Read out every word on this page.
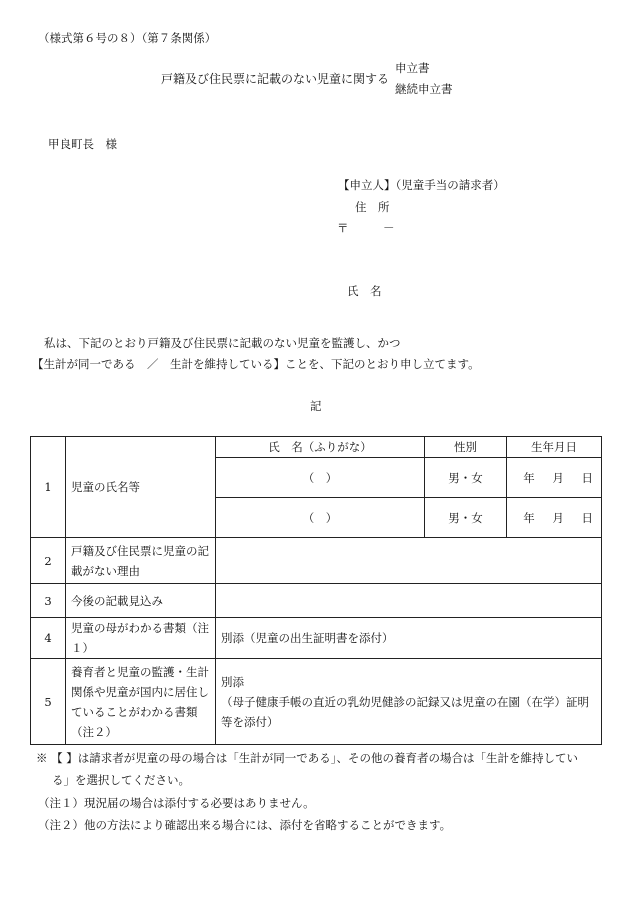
（様式第６号の８）（第７条関係）
戸籍及び住民票に記載のない児童に関する
申立書
継続申立書
甲良町長　様
【申立人】（児童手当の請求者）
住　所
〒	－
氏　名
私は、下記のとおり戸籍及び住民票に記載のない児童を監護し、かつ
【生計が同一である　／　生計を維持している】ことを、下記のとおり申し立てます。
記
1	児童の氏名等	氏　名（ふりがな）	性別	生年月日
		（　）	男・女	年 月 日
		（　）	男・女	年 月 日
2	戸籍及び住民票に児童の記載がない理由			
3	今後の記載見込み			
4	児童の母がわかる書類（注１）	別添（児童の出生証明書を添付）		
5	養育者と児童の監護・生計関係や児童が国内に居住していることがわかる書類（注２）	別添
（母子健康手帳の直近の乳幼児健診の記録又は児童の在園（在学）証明等を添付）		
※ 【 】は請求者が児童の母の場合は「生計が同一である」、その他の養育者の場合は「生計を維持してい
る」を選択してください。
（注１）現況届の場合は添付する必要はありません。
（注２）他の方法により確認出来る場合には、添付を省略することができます。
